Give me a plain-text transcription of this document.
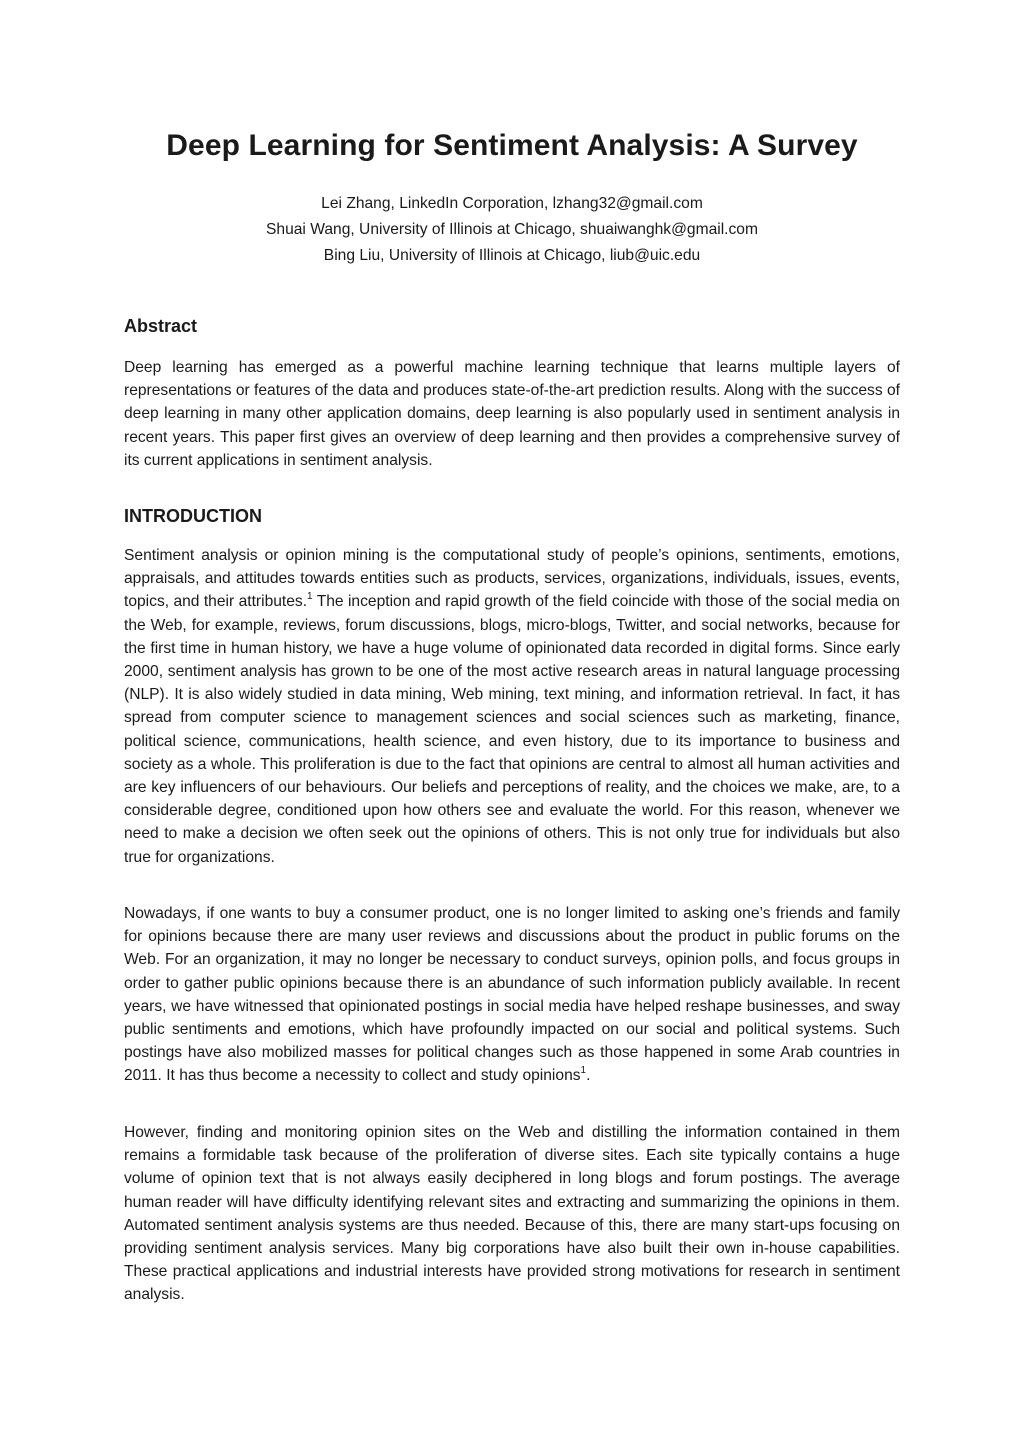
Deep Learning for Sentiment Analysis: A Survey
Lei Zhang, LinkedIn Corporation, lzhang32@gmail.com
Shuai Wang, University of Illinois at Chicago, shuaiwanghk@gmail.com
Bing Liu, University of Illinois at Chicago, liub@uic.edu
Abstract

Deep learning has emerged as a powerful machine learning technique that learns multiple layers of representations or features of the data and produces state-of-the-art prediction results. Along with the success of deep learning in many other application domains, deep learning is also popularly used in sentiment analysis in recent years. This paper first gives an overview of deep learning and then provides a comprehensive survey of its current applications in sentiment analysis.

INTRODUCTION

Sentiment analysis or opinion mining is the computational study of people’s opinions, sentiments, emotions, appraisals, and attitudes towards entities such as products, services, organizations, individuals, issues, events, topics, and their attributes.$^1$ The inception and rapid growth of the field coincide with those of the social media on the Web, for example, reviews, forum discussions, blogs, micro-blogs, Twitter, and social networks, because for the first time in human history, we have a huge volume of opinionated data recorded in digital forms. Since early 2000, sentiment analysis has grown to be one of the most active research areas in natural language processing (NLP). It is also widely studied in data mining, Web mining, text mining, and information retrieval. In fact, it has spread from computer science to management sciences and social sciences such as marketing, finance, political science, communications, health science, and even history, due to its importance to business and society as a whole. This proliferation is due to the fact that opinions are central to almost all human activities and are key influencers of our behaviours. Our beliefs and perceptions of reality, and the choices we make, are, to a considerable degree, conditioned upon how others see and evaluate the world. For this reason, whenever we need to make a decision we often seek out the opinions of others. This is not only true for individuals but also true for organizations.

Nowadays, if one wants to buy a consumer product, one is no longer limited to asking one’s friends and family for opinions because there are many user reviews and discussions about the product in public forums on the Web. For an organization, it may no longer be necessary to conduct surveys, opinion polls, and focus groups in order to gather public opinions because there is an abundance of such information publicly available. In recent years, we have witnessed that opinionated postings in social media have helped reshape businesses, and sway public sentiments and emotions, which have profoundly impacted on our social and political systems. Such postings have also mobilized masses for political changes such as those happened in some Arab countries in 2011. It has thus become a necessity to collect and study opinions$^1$.

However, finding and monitoring opinion sites on the Web and distilling the information contained in them remains a formidable task because of the proliferation of diverse sites. Each site typically contains a huge volume of opinion text that is not always easily deciphered in long blogs and forum postings. The average human reader will have difficulty identifying relevant sites and extracting and summarizing the opinions in them. Automated sentiment analysis systems are thus needed. Because of this, there are many start-ups focusing on providing sentiment analysis services. Many big corporations have also built their own in-house capabilities. These practical applications and industrial interests have provided strong motivations for research in sentiment analysis.
